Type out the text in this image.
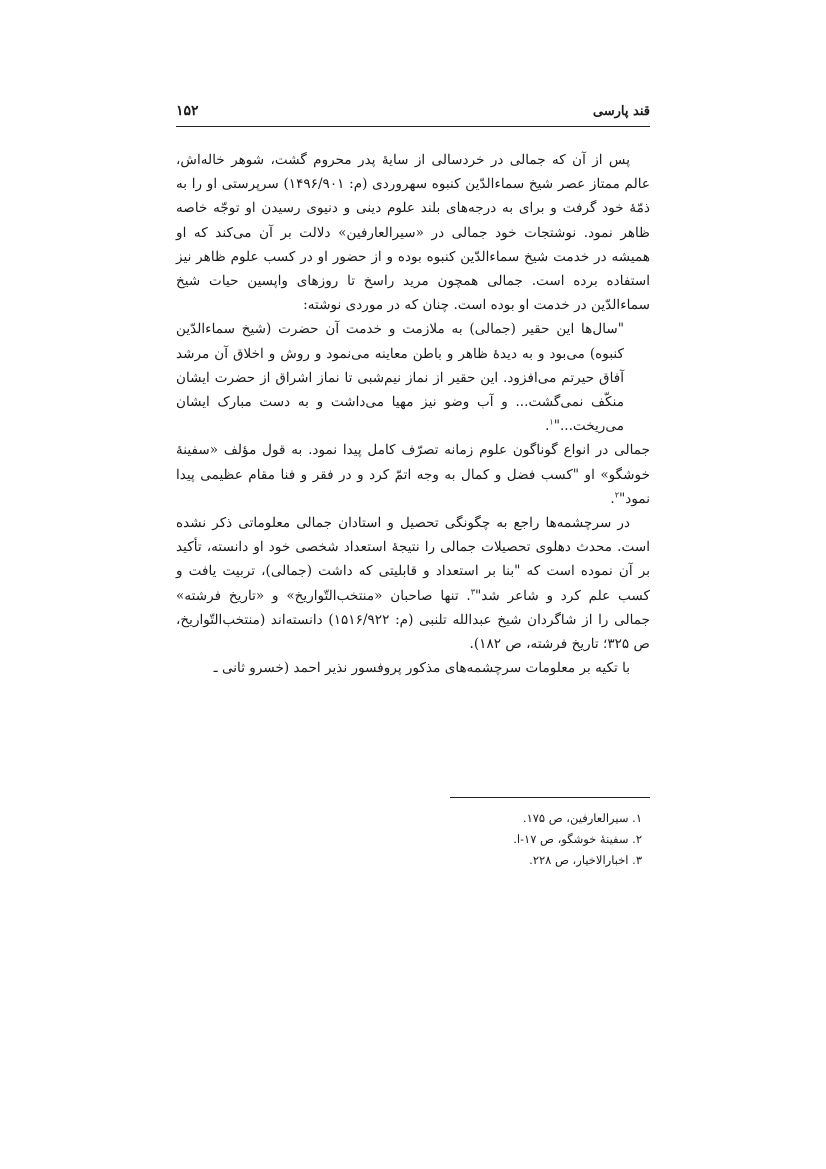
قند پارسی
۱۵۲

پس از آن که جمالی در خردسالی از سایۀ پدر محروم گشت، شوهر خاله‌اش، عالم ممتاز عصر شیخ سماءالدّین کنبوه سهروردی (م: ۱۴۹۶/۹۰۱) سرپرستی او را به ذمّۀ خود گرفت و برای به درجه‌های بلند علوم دینی و دنیوی رسیدن او توجّه خاصه ظاهر نمود. نوشتجات خود جمالی در «سیرالعارفین» دلالت بر آن می‌کند که او همیشه در خدمت شیخ سماءالدّین کنبوه بوده و از حضور او در کسب علوم ظاهر نیز استفاده برده است. جمالی همچون مرید راسخ تا روزهای واپسین حیات شیخ سماءالدّین در خدمت او بوده است. چنان که در موردی نوشته:

"سال‌ها این حقیر (جمالی) به ملازمت و خدمت آن حضرت (شیخ سماءالدّین کنبوه) می‌بود و به دیدۀ ظاهر و باطن معاینه می‌نمود و روش و اخلاق آن مرشد آفاق حیرتم می‌افزود. این حقیر از نماز نیم‌شبی تا نماز اشراق از حضرت ایشان منکّف نمی‌گشت... و آب وضو نیز مهیا می‌داشت و به دست مبارک ایشان می‌ریخت..."$^۱$.

جمالی در انواع گوناگون علوم زمانه تصرّف کامل پیدا نمود. به قول مؤلف «سفینۀ خوشگو» او "کسب فضل و کمال به وجه اتمّ کرد و در فقر و فنا مقام عظیمی پیدا نمود"$^۲$.

در سرچشمه‌ها راجع به چگونگی تحصیل و استادان جمالی معلوماتی ذکر نشده است. محدث دهلوی تحصیلات جمالی را نتیجۀ استعداد شخصی خود او دانسته، تأکید بر آن نموده است که "بنا بر استعداد و قابلیتی که داشت (جمالی)، تربیت یافت و کسب علم کرد و شاعر شد"$^۳$. تنها صاحبان «منتخب‌التّواریخ» و «تاریخ فرشته» جمالی را از شاگردان شیخ عبدالله تلنبی (م: ۱۵۱۶/۹۲۲) دانسته‌اند (منتخب‌التّواریخ، ص ۳۲۵؛ تاریخ فرشته، ص ۱۸۲).

با تکیه بر معلومات سرچشمه‌های مذکور پروفسور نذیر احمد (خسرو ثانی ـ

۱. سیرالعارفین، ص ۱۷۵.
۲. سفینۀ خوشگو، ص ۱۷-ا.
۳. اخبارالاخیار، ص ۲۲۸.
